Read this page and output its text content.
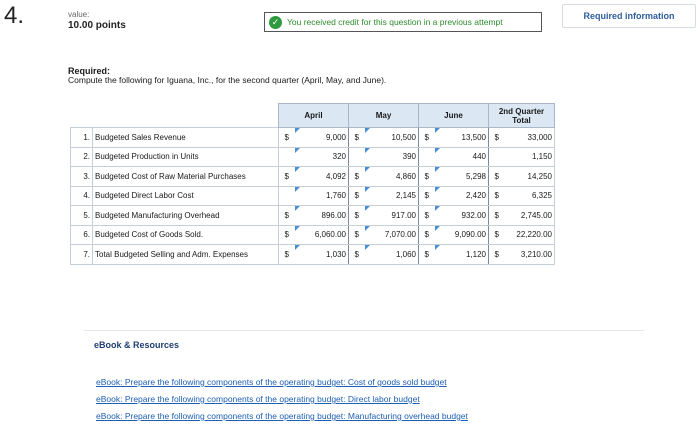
4.	value:
10.00 points	✓ You received credit for this question in a previous attempt
Required information
Required:
Compute the following for Iguana, Inc., for the second quarter (April, May, and June).
		April		May		June		2nd Quarter Total	
1.	Budgeted Sales Revenue	$	9,000	$	10,500	$	13,500	$	33,000
2.	Budgeted Production in Units		320		390		440		1,150
3.	Budgeted Cost of Raw Material Purchases	$	4,092	$	4,860	$	5,298	$	14,250
4.	Budgeted Direct Labor Cost		1,760	$	2,145	$	2,420	$	6,325
5.	Budgeted Manufacturing Overhead	$	896.00	$	917.00	$	932.00	$	2,745.00
6.	Budgeted Cost of Goods Sold.	$	6,060.00	$	7,070.00	$	9,090.00	$	22,220.00
7.	Total Budgeted Selling and Adm. Expenses	$	1,030	$	1,060	$	1,120	$	3,210.00
eBook & Resources
eBook: Prepare the following components of the operating budget: Cost of goods sold budget
eBook: Prepare the following components of the operating budget: Direct labor budget
eBook: Prepare the following components of the operating budget: Manufacturing overhead budget
